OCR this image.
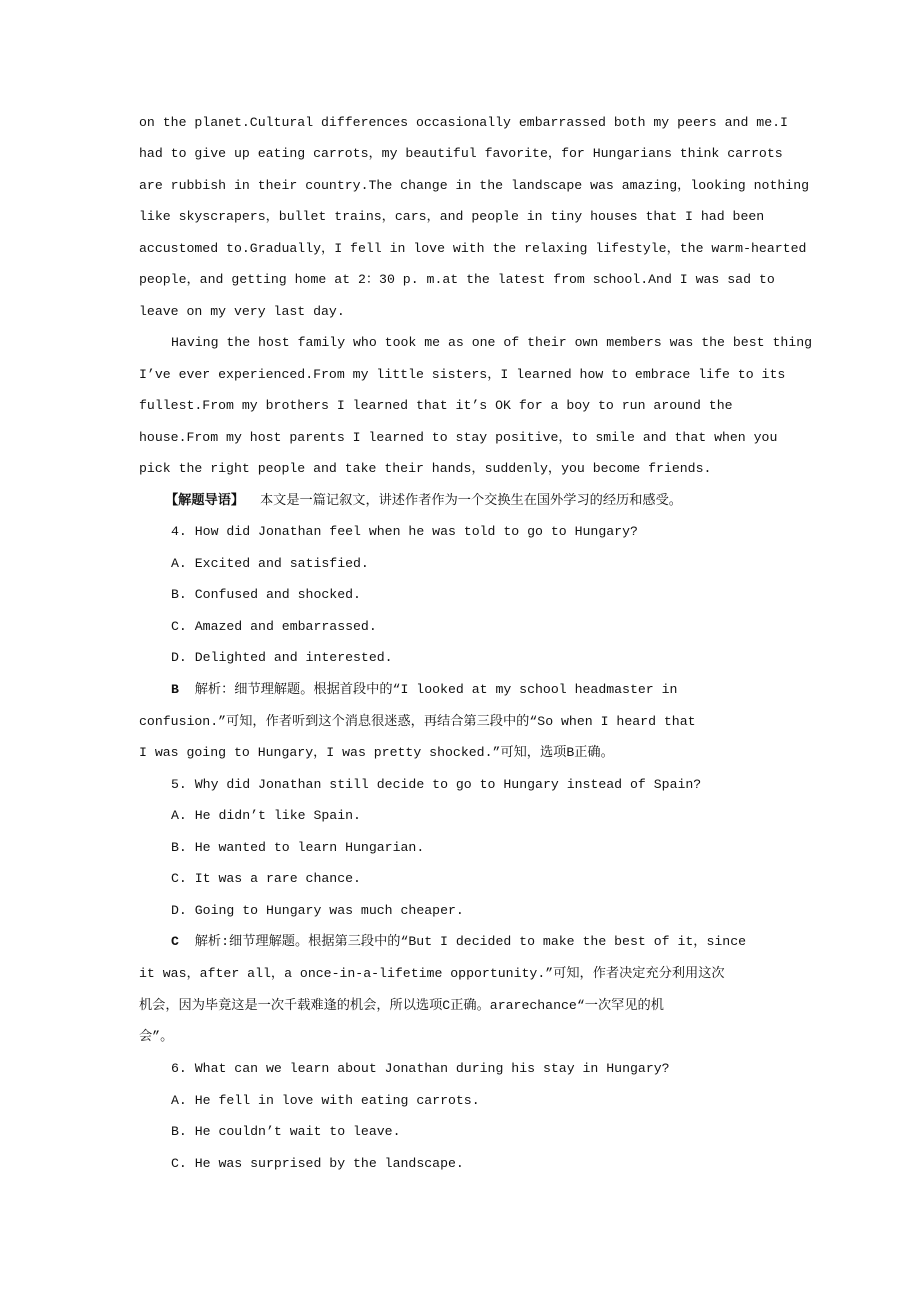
on the planet.Cultural differences occasionally embarrassed both my peers and me.I
had to give up eating carrots，my beautiful favorite，for Hungarians think carrots
are rubbish in their country.The change in the landscape was amazing，looking nothing
like skyscrapers，bullet trains，cars，and people in tiny houses that I had been
accustomed to.Gradually，I fell in love with the relaxing lifestyle，the warm-hearted
people，and getting home at 2：30 p. m.at the latest from school.And I was sad to
leave on my very last day.
Having the host family who took me as one of their own members was the best thing
I’ve ever experienced.From my little sisters，I learned how to embrace life to its
fullest.From my brothers I learned that it’s OK for a boy to run around the
house.From my host parents I learned to stay positive，to smile and that when you
pick the right people and take their hands，suddenly，you become friends.
【解题导语】 本文是一篇记叙文，讲述作者作为一个交换生在国外学习的经历和感受。
4. How did Jonathan feel when he was told to go to Hungary?
A. Excited and satisfied.
B. Confused and shocked.
C. Amazed and embarrassed.
D. Delighted and interested.
B 解析：细节理解题。根据首段中的“I looked at my school headmaster in
confusion.”可知，作者听到这个消息很迷惑，再结合第三段中的“So when I heard that
I was going to Hungary，I was pretty shocked.”可知，选项B正确。
5. Why did Jonathan still decide to go to Hungary instead of Spain?
A. He didn’t like Spain.
B. He wanted to learn Hungarian.
C. It was a rare chance.
D. Going to Hungary was much cheaper.
C 解析:细节理解题。根据第三段中的“But I decided to make the best of it，since
it was，after all，a once-in-a-lifetime opportunity.”可知，作者决定充分利用这次
机会，因为毕竟这是一次千载难逢的机会，所以选项C正确。ararechance“一次罕见的机
会”。
6. What can we learn about Jonathan during his stay in Hungary?
A. He fell in love with eating carrots.
B. He couldn’t wait to leave.
C. He was surprised by the landscape.
